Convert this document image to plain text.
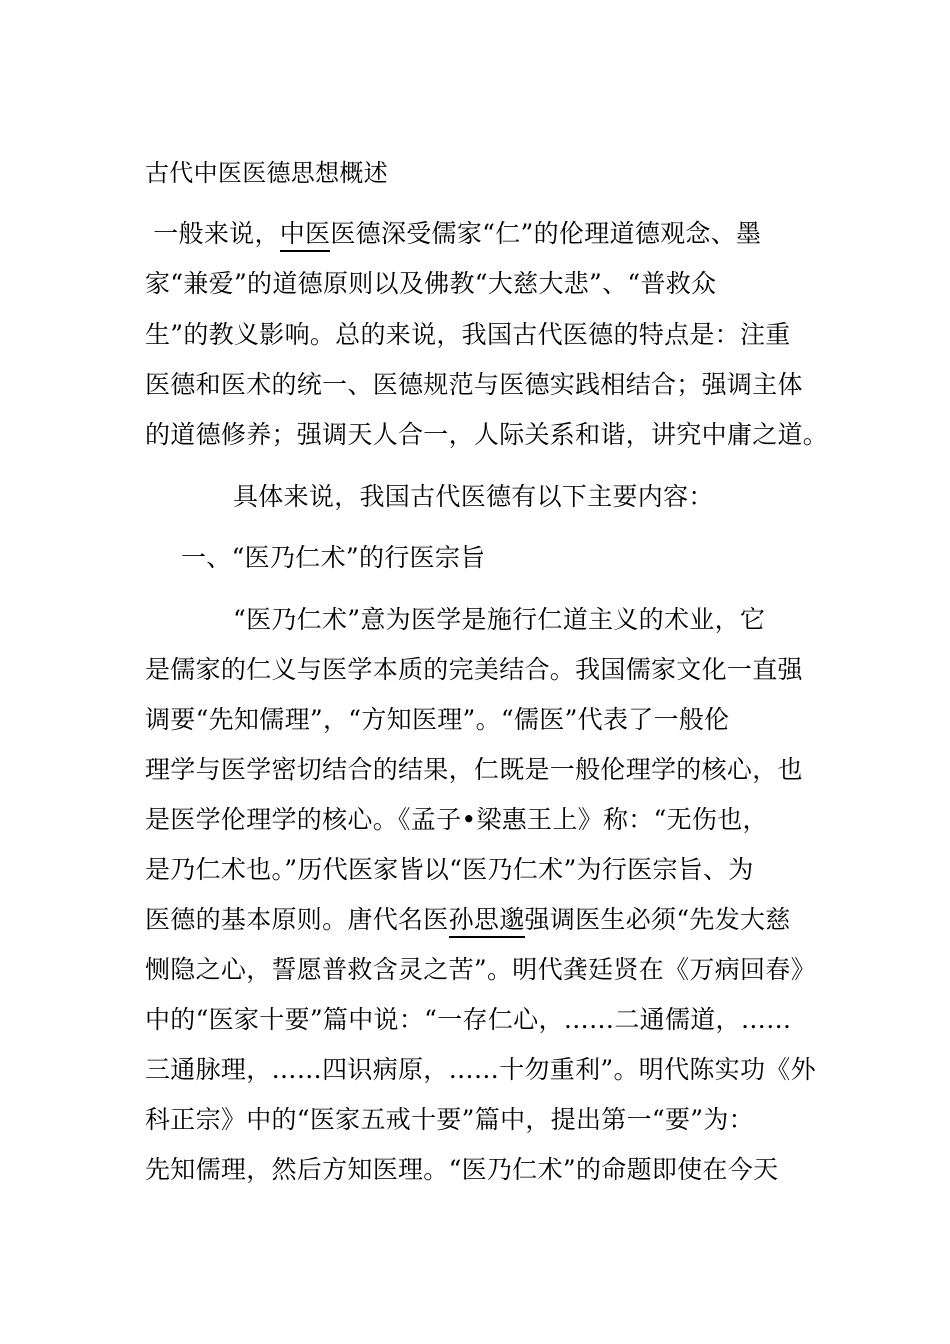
古代中医医德思想概述
一般来说，中医医德深受儒家“仁”的伦理道德观念、墨
家“兼爱”的道德原则以及佛教“大慈大悲”、“普救众
生”的教义影响。总的来说，我国古代医德的特点是：注重
医德和医术的统一、医德规范与医德实践相结合；强调主体
的道德修养；强调天人合一，人际关系和谐，讲究中庸之道。
具体来说，我国古代医德有以下主要内容：
一、“医乃仁术”的行医宗旨
“医乃仁术”意为医学是施行仁道主义的术业，它
是儒家的仁义与医学本质的完美结合。我国儒家文化一直强
调要“先知儒理”，“方知医理”。“儒医”代表了一般伦
理学与医学密切结合的结果，仁既是一般伦理学的核心，也
是医学伦理学的核心。《孟子•梁惠王上》称：“无伤也，
是乃仁术也。”历代医家皆以“医乃仁术”为行医宗旨、为
医德的基本原则。唐代名医孙思邈强调医生必须“先发大慈
恻隐之心，誓愿普救含灵之苦”。明代龚廷贤在《万病回春》
中的“医家十要”篇中说：“一存仁心，……二通儒道，……
三通脉理，……四识病原，……十勿重利”。明代陈实功《外
科正宗》中的“医家五戒十要”篇中，提出第一“要”为：
先知儒理，然后方知医理。“医乃仁术”的命题即使在今天
